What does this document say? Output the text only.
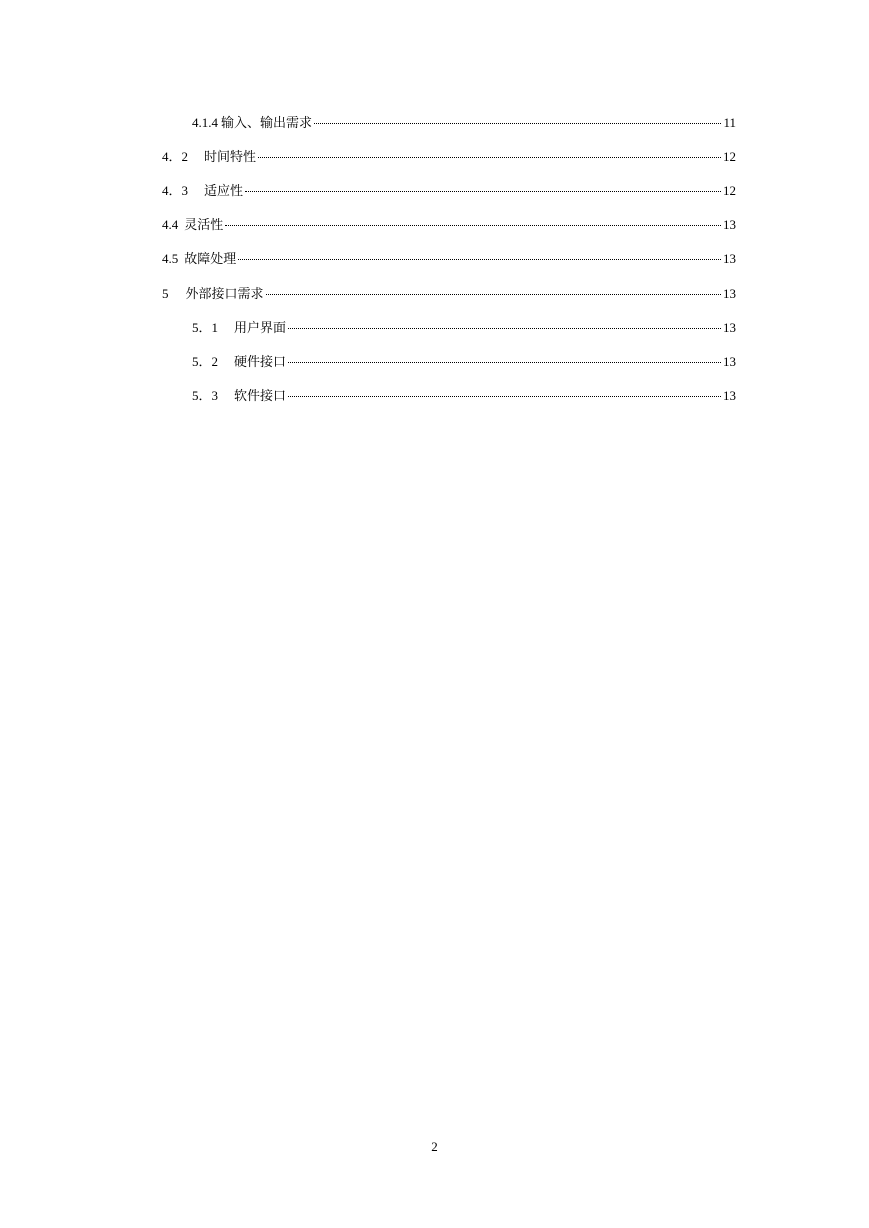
4.1.4 输入、输出需求	11
4．2 时间特性	12
4．3 适应性	12
4.4 灵活性	13
4.5 故障处理	13
5 外部接口需求	13
5．1 用户界面	13
5．2 硬件接口	13
5．3 软件接口	13
2
